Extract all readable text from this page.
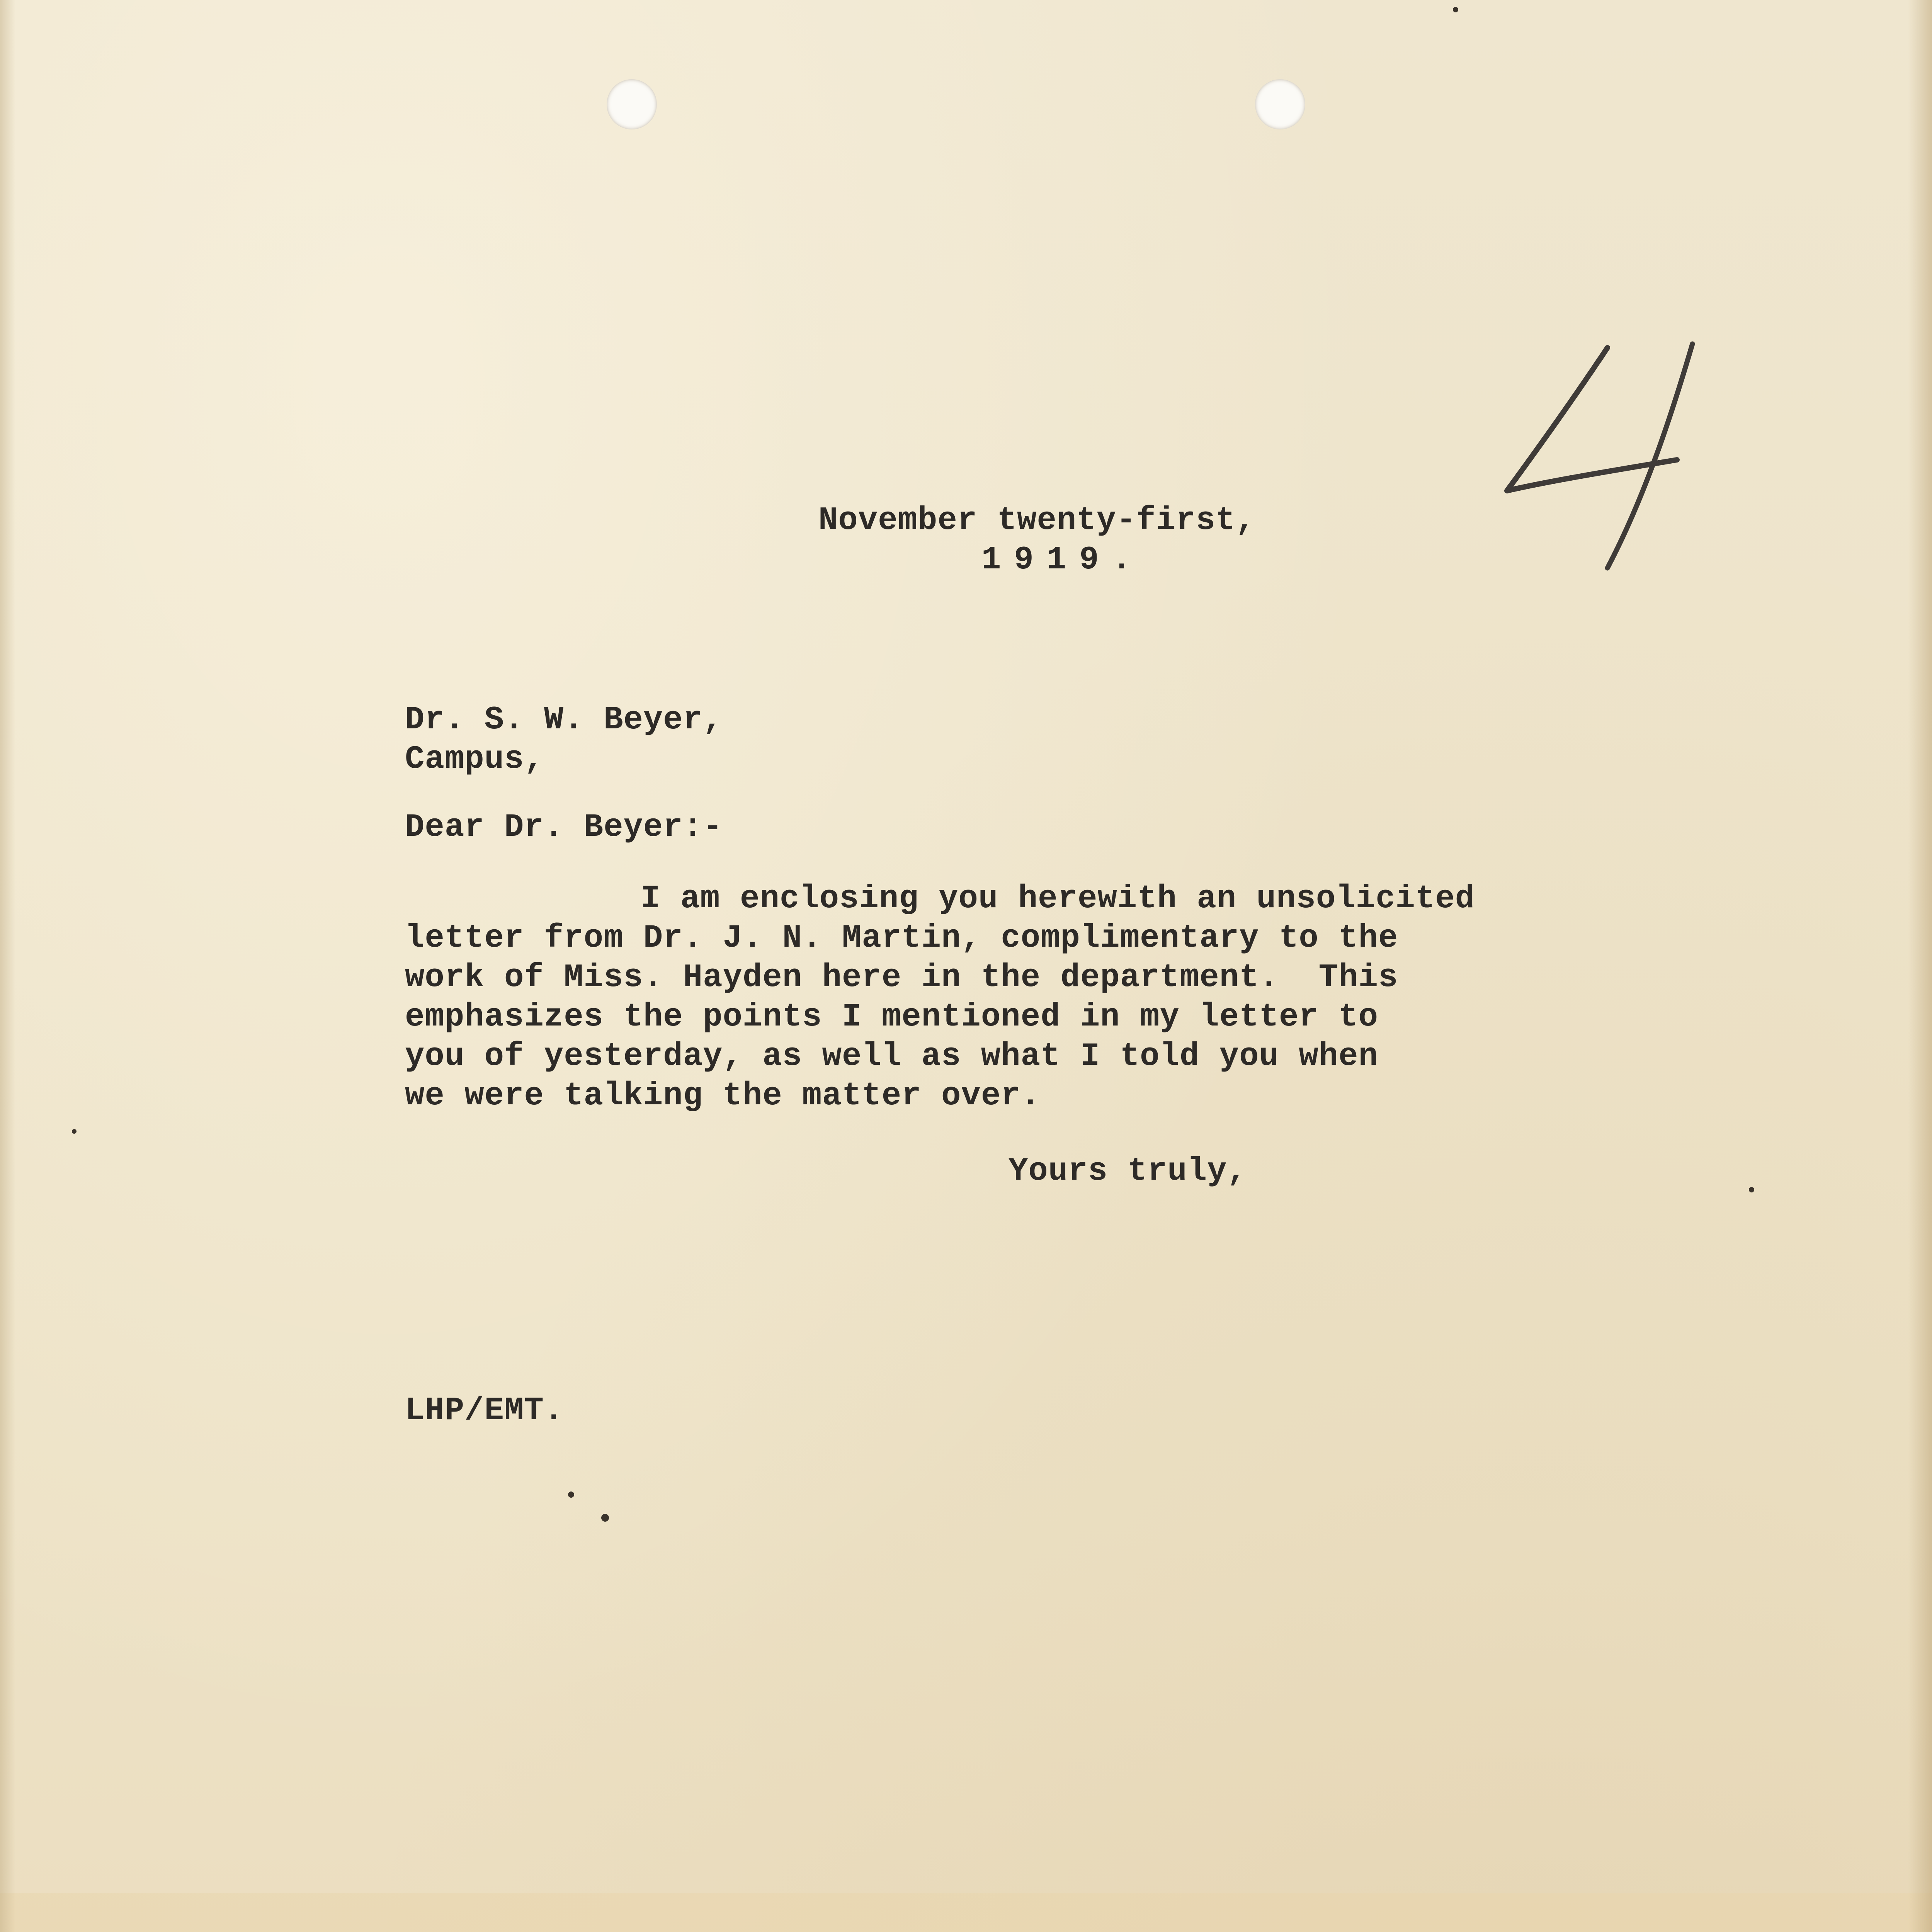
November twenty-first,
1919.
Dr. S. W. Beyer,
Campus,
Dear Dr. Beyer:-
I am enclosing you herewith an unsolicited
letter from Dr. J. N. Martin, complimentary to the
work of Miss. Hayden here in the department.  This
emphasizes the points I mentioned in my letter to
you of yesterday, as well as what I told you when
we were talking the matter over.
Yours truly,
LHP/EMT.
